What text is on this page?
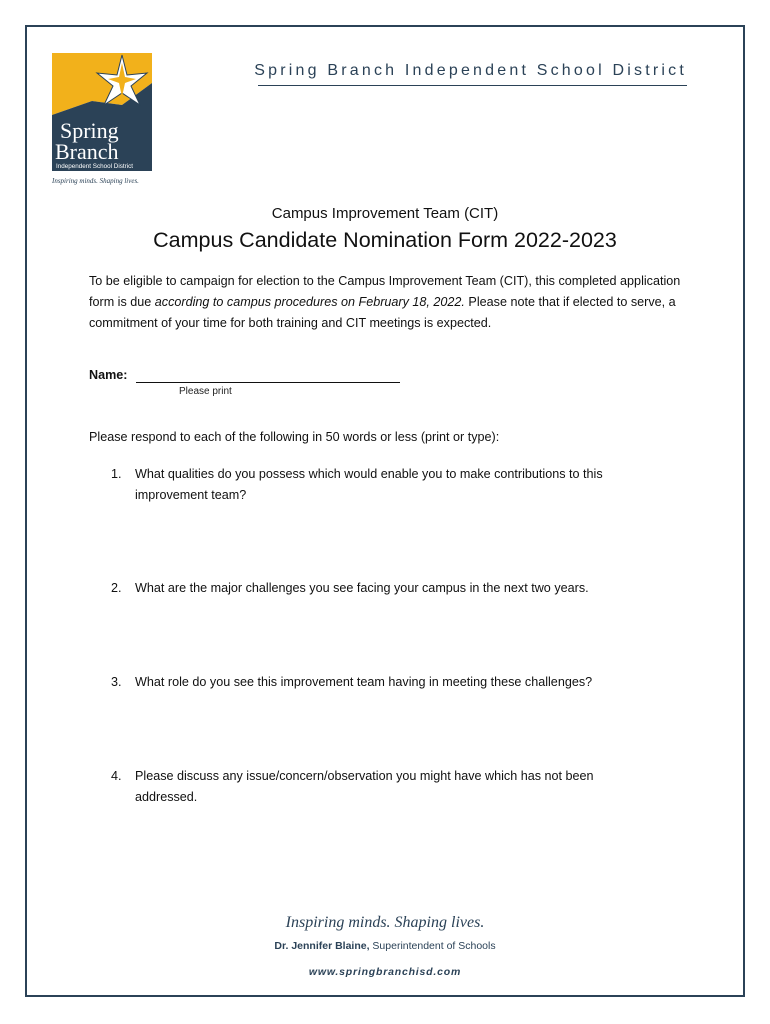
Spring
Branch
Independent School District
Inspiring minds. Shaping lives.
Spring Branch Independent School District
Campus Improvement Team (CIT)
Campus Candidate Nomination Form 2022-2023
To be eligible to campaign for election to the Campus Improvement Team (CIT), this completed application form is due according to campus procedures on February 18, 2022. Please note that if elected to serve, a commitment of your time for both training and CIT meetings is expected.
Name:
Please print
Please respond to each of the following in 50 words or less (print or type):
1. What qualities do you possess which would enable you to make contributions to this improvement team?
2. What are the major challenges you see facing your campus in the next two years.
3. What role do you see this improvement team having in meeting these challenges?
4. Please discuss any issue/concern/observation you might have which has not been addressed.
Inspiring minds. Shaping lives.
Dr. Jennifer Blaine, Superintendent of Schools
www.springbranchisd.com
